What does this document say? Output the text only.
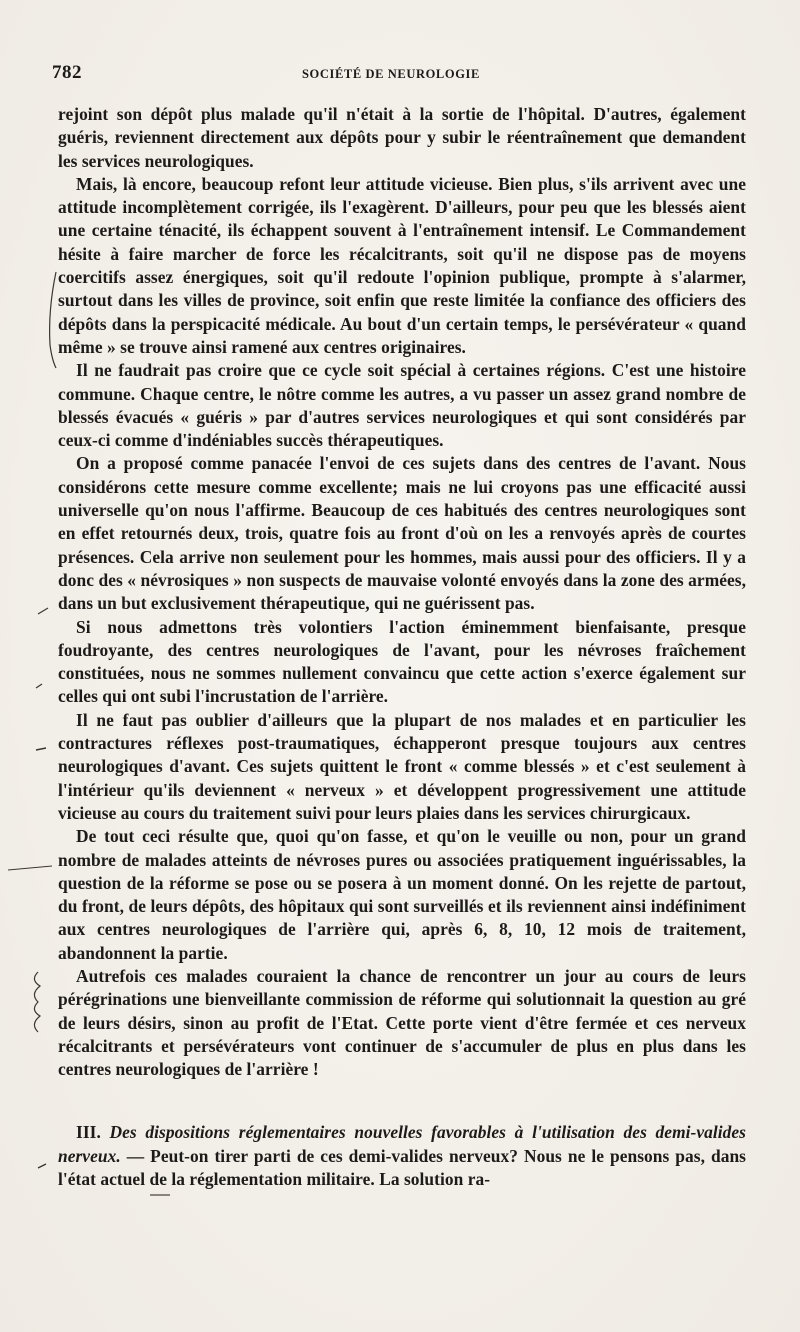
782	SOCIÉTÉ DE NEUROLOGIE

rejoint son dépôt plus malade qu'il n'était à la sortie de l'hôpital. D'autres, également guéris, reviennent directement aux dépôts pour y subir le réentraînement que demandent les services neurologiques.

Mais, là encore, beaucoup refont leur attitude vicieuse. Bien plus, s'ils arrivent avec une attitude incomplètement corrigée, ils l'exagèrent. D'ailleurs, pour peu que les blessés aient une certaine ténacité, ils échappent souvent à l'entraînement intensif. Le Commandement hésite à faire marcher de force les récalcitrants, soit qu'il ne dispose pas de moyens coercitifs assez énergiques, soit qu'il redoute l'opinion publique, prompte à s'alarmer, surtout dans les villes de province, soit enfin que reste limitée la confiance des officiers des dépôts dans la perspicacité médicale. Au bout d'un certain temps, le persévérateur « quand même » se trouve ainsi ramené aux centres originaires.

Il ne faudrait pas croire que ce cycle soit spécial à certaines régions. C'est une histoire commune. Chaque centre, le nôtre comme les autres, a vu passer un assez grand nombre de blessés évacués « guéris » par d'autres services neurologiques et qui sont considérés par ceux-ci comme d'indéniables succès thérapeutiques.

On a proposé comme panacée l'envoi de ces sujets dans des centres de l'avant. Nous considérons cette mesure comme excellente; mais ne lui croyons pas une efficacité aussi universelle qu'on nous l'affirme. Beaucoup de ces habitués des centres neurologiques sont en effet retournés deux, trois, quatre fois au front d'où on les a renvoyés après de courtes présences. Cela arrive non seulement pour les hommes, mais aussi pour des officiers. Il y a donc des « névrosiques » non suspects de mauvaise volonté envoyés dans la zone des armées, dans un but exclusivement thérapeutique, qui ne guérissent pas.

Si nous admettons très volontiers l'action éminemment bienfaisante, presque foudroyante, des centres neurologiques de l'avant, pour les névroses fraîchement constituées, nous ne sommes nullement convaincu que cette action s'exerce également sur celles qui ont subi l'incrustation de l'arrière.

Il ne faut pas oublier d'ailleurs que la plupart de nos malades et en particulier les contractures réflexes post-traumatiques, échapperont presque toujours aux centres neurologiques d'avant. Ces sujets quittent le front « comme blessés » et c'est seulement à l'intérieur qu'ils deviennent « nerveux » et développent progressivement une attitude vicieuse au cours du traitement suivi pour leurs plaies dans les services chirurgicaux.

De tout ceci résulte que, quoi qu'on fasse, et qu'on le veuille ou non, pour un grand nombre de malades atteints de névroses pures ou associées pratiquement inguérissables, la question de la réforme se pose ou se posera à un moment donné. On les rejette de partout, du front, de leurs dépôts, des hôpitaux qui sont surveillés et ils reviennent ainsi indéfiniment aux centres neurologiques de l'arrière qui, après 6, 8, 10, 12 mois de traitement, abandonnent la partie.

Autrefois ces malades couraient la chance de rencontrer un jour au cours de leurs pérégrinations une bienveillante commission de réforme qui solutionnait la question au gré de leurs désirs, sinon au profit de l'Etat. Cette porte vient d'être fermée et ces nerveux récalcitrants et persévérateurs vont continuer de s'accumuler de plus en plus dans les centres neurologiques de l'arrière !

III. Des dispositions réglementaires nouvelles favorables à l'utilisation des demi-valides nerveux. — Peut-on tirer parti de ces demi-valides nerveux? Nous ne le pensons pas, dans l'état actuel de la réglementation militaire. La solution ra-
